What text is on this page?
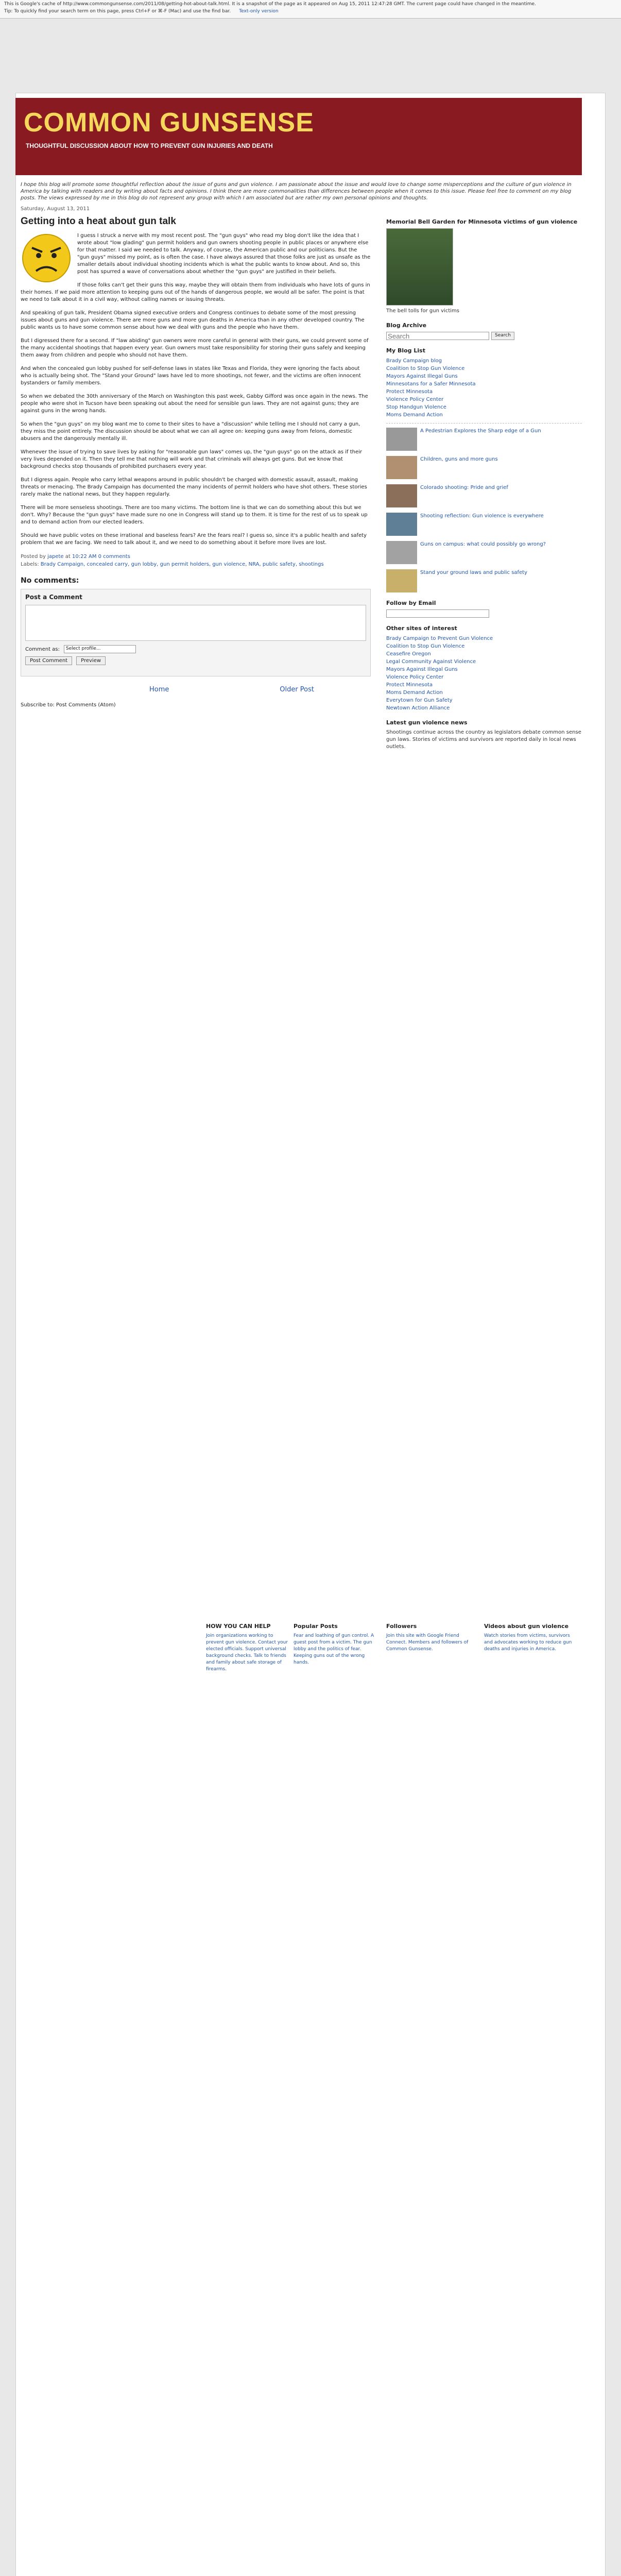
This is Google's cache of http://www.commongunsense.com/2011/08/getting-hot-about-talk.html. It is a snapshot of the page as it appeared on Aug 15, 2011 12:47:28 GMT. The current page could have changed in the meantime.
Tip: To quickly find your search term on this page, press Ctrl+F or ⌘-F (Mac) and use the find bar. Text-only version
COMMON GUNSENSE
THOUGHTFUL DISCUSSION ABOUT HOW TO PREVENT GUN INJURIES AND DEATH
I hope this blog will promote some thoughtful reflection about the issue of guns and gun violence. I am passionate about the issue and would love to change some misperceptions and the culture of gun violence in America by talking with readers and by writing about facts and opinions. I think there are more commonalities than differences between people when it comes to this issue. Please feel free to comment on my blog posts. The views expressed by me in this blog do not represent any group with which I am associated but are rather my own personal opinions and thoughts.
Saturday, August 13, 2011
Getting into a heat about gun talk

I guess I struck a nerve with my most recent post. The "gun guys" who read my blog don't like the idea that I wrote about "low glading" gun permit holders and gun owners shooting people in public places or anywhere else for that matter. I said we needed to talk. Anyway, of course, the American public and our politicians. But the "gun guys" missed my point, as is often the case. I have always assured that those folks are just as unsafe as the smaller details about individual shooting incidents which is what the public wants to know about. And so, this post has spurred a wave of conversations about whether the "gun guys" are justified in their beliefs.

If those folks can't get their guns this way, maybe they will obtain them from individuals who have lots of guns in their homes. If we paid more attention to keeping guns out of the hands of dangerous people, we would all be safer. The point is that we need to talk about it in a civil way, without calling names or issuing threats.

And speaking of gun talk, President Obama signed executive orders and Congress continues to debate some of the most pressing issues about guns and gun violence. There are more guns and more gun deaths in America than in any other developed country. The public wants us to have some common sense about how we deal with guns and the people who have them.

But I digressed there for a second. If "law abiding" gun owners were more careful in general with their guns, we could prevent some of the many accidental shootings that happen every year. Gun owners must take responsibility for storing their guns safely and keeping them away from children and people who should not have them.

And when the concealed gun lobby pushed for self-defense laws in states like Texas and Florida, they were ignoring the facts about who is actually being shot. The "Stand your Ground" laws have led to more shootings, not fewer, and the victims are often innocent bystanders or family members.

So when we debated the 30th anniversary of the March on Washington this past week, Gabby Gifford was once again in the news. The people who were shot in Tucson have been speaking out about the need for sensible gun laws. They are not against guns; they are against guns in the wrong hands.

So when the "gun guys" on my blog want me to come to their sites to have a "discussion" while telling me I should not carry a gun, they miss the point entirely. The discussion should be about what we can all agree on: keeping guns away from felons, domestic abusers and the dangerously mentally ill.

Whenever the issue of trying to save lives by asking for "reasonable gun laws" comes up, the "gun guys" go on the attack as if their very lives depended on it. Then they tell me that nothing will work and that criminals will always get guns. But we know that background checks stop thousands of prohibited purchasers every year.

But I digress again. People who carry lethal weapons around in public shouldn't be charged with domestic assault, assault, making threats or menacing. The Brady Campaign has documented the many incidents of permit holders who have shot others. These stories rarely make the national news, but they happen regularly.

There will be more senseless shootings. There are too many victims. The bottom line is that we can do something about this but we don't. Why? Because the "gun guys" have made sure no one in Congress will stand up to them. It is time for the rest of us to speak up and to demand action from our elected leaders.

Should we have public votes on these irrational and baseless fears? Are the fears real? I guess so, since it's a public health and safety problem that we are facing. We need to talk about it, and we need to do something about it before more lives are lost.

Posted by japete at 10:22 AM 0 comments
Labels: Brady Campaign, concealed carry, gun lobby, gun permit holders, gun violence, NRA, public safety, shootings
No comments:
Post a Comment
Comment as:	Select profile...
Post Comment	Preview
Home	Older Post
Subscribe to: Post Comments (Atom)
Memorial Bell Garden for Minnesota victims of gun violence
The bell tolls for gun victims
Blog Archive
Search
Search
My Blog List
Brady Campaign blog
Coalition to Stop Gun Violence
Mayors Against Illegal Guns
Minnesotans for a Safer Minnesota
Protect Minnesota
Violence Policy Center
Stop Handgun Violence
Moms Demand Action
A Pedestrian Explores the Sharp edge of a Gun
Children, guns and more guns
Colorado shooting: Pride and grief
Shooting reflection: Gun violence is everywhere
Guns on campus: what could possibly go wrong?
Stand your ground laws and public safety
Follow by Email
Other sites of interest
Brady Campaign to Prevent Gun Violence
Coalition to Stop Gun Violence
Ceasefire Oregon
Legal Community Against Violence
Mayors Against Illegal Guns
Violence Policy Center
Protect Minnesota
Moms Demand Action
Everytown for Gun Safety
Newtown Action Alliance
Latest gun violence news
Shootings continue across the country as legislators debate common sense gun laws. Stories of victims and survivors are reported daily in local news outlets.
HOW YOU CAN HELP
Join organizations working to prevent gun violence. Contact your elected officials. Support universal background checks. Talk to friends and family about safe storage of firearms.
Popular Posts
Fear and loathing of gun control. A guest post from a victim. The gun lobby and the politics of fear. Keeping guns out of the wrong hands.
Followers
Join this site with Google Friend Connect. Members and followers of Common Gunsense.
Videos about gun violence
Watch stories from victims, survivors and advocates working to reduce gun deaths and injuries in America.
